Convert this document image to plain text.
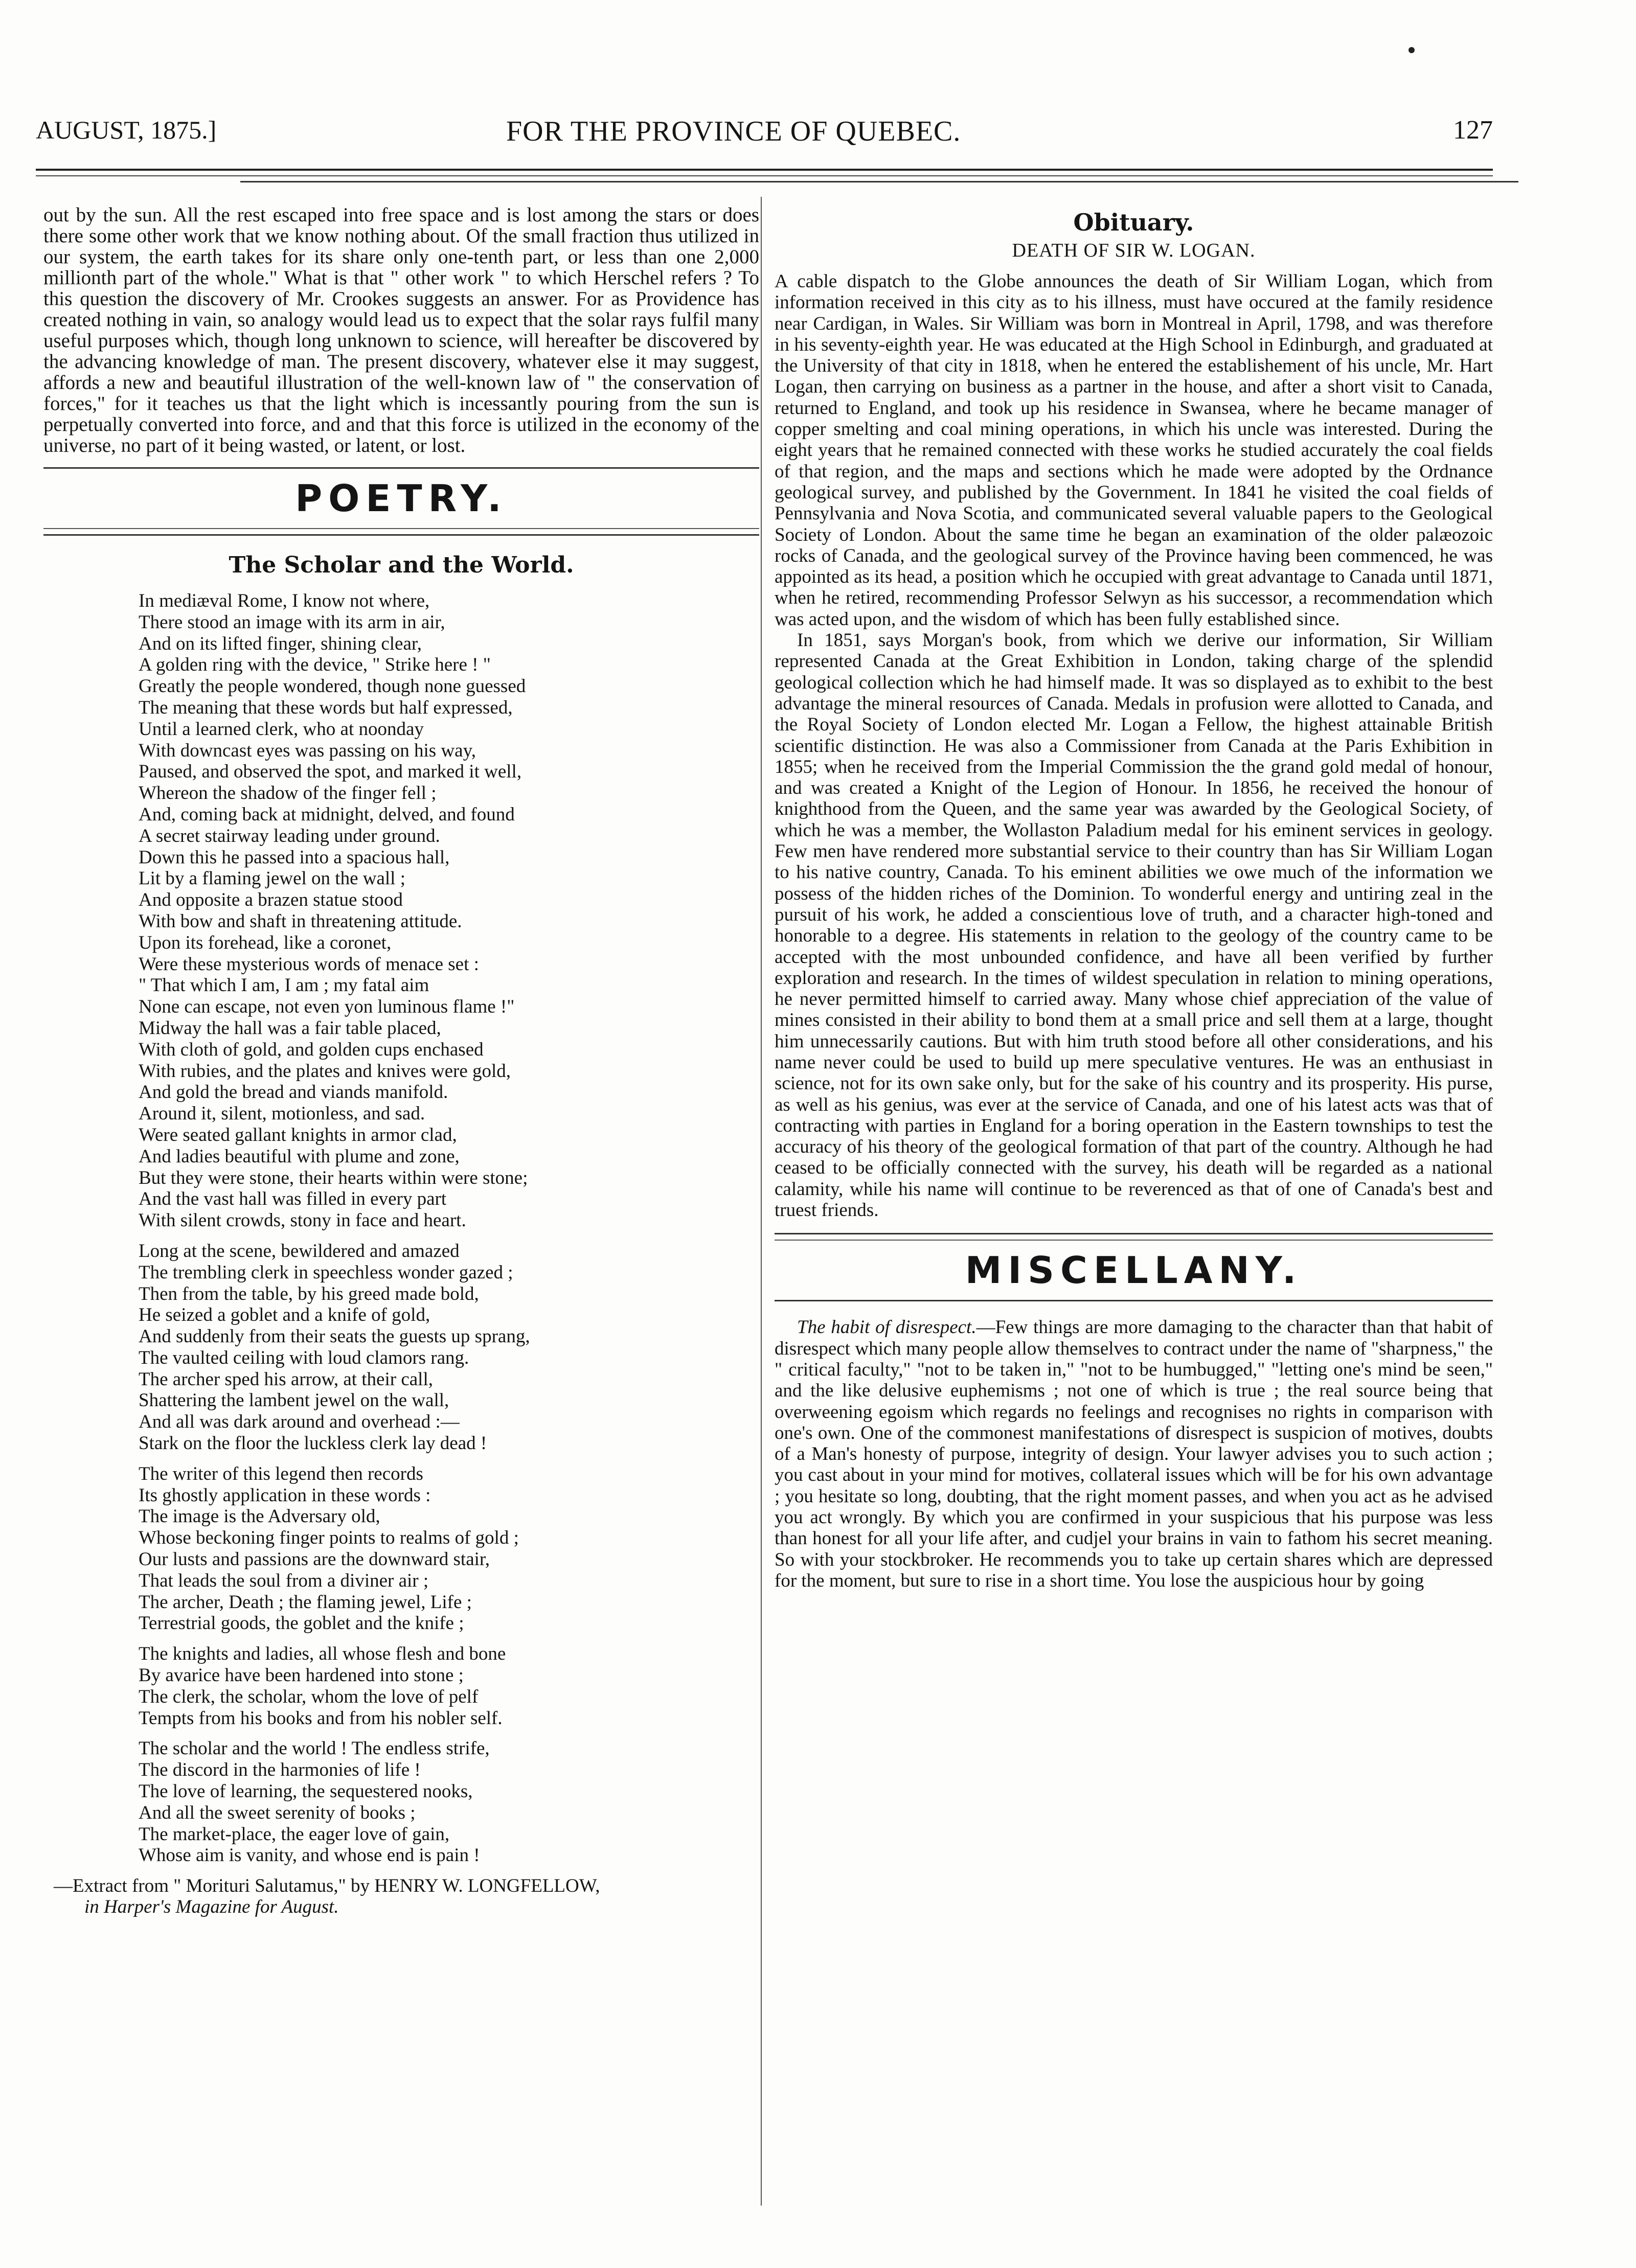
AUGUST, 1875.]	FOR THE PROVINCE OF QUEBEC.	127

out by the sun. All the rest escaped into free space and is lost among the stars or does there some other work that we know nothing about. Of the small fraction thus utilized in our system, the earth takes for its share only one-tenth part, or less than one 2,000 millionth part of the whole." What is that " other work " to which Herschel refers ? To this question the discovery of Mr. Crookes suggests an answer. For as Providence has created nothing in vain, so analogy would lead us to expect that the solar rays fulfil many useful purposes which, though long unknown to science, will hereafter be discovered by the advancing knowledge of man. The present discovery, whatever else it may suggest, affords a new and beautiful illustration of the well-known law of " the conservation of forces," for it teaches us that the light which is incessantly pouring from the sun is perpetually converted into force, and and that this force is utilized in the economy of the universe, no part of it being wasted, or latent, or lost.

POETRY.
The Scholar and the World.
In mediæval Rome, I know not where,
There stood an image with its arm in air,
And on its lifted finger, shining clear,
A golden ring with the device, " Strike here ! "
Greatly the people wondered, though none guessed
The meaning that these words but half expressed,
Until a learned clerk, who at noonday
With downcast eyes was passing on his way,
Paused, and observed the spot, and marked it well,
Whereon the shadow of the finger fell ;
And, coming back at midnight, delved, and found
A secret stairway leading under ground.
Down this he passed into a spacious hall,
Lit by a flaming jewel on the wall ;
And opposite a brazen statue stood
With bow and shaft in threatening attitude.
Upon its forehead, like a coronet,
Were these mysterious words of menace set :
" That which I am, I am ; my fatal aim
None can escape, not even yon luminous flame !"
Midway the hall was a fair table placed,
With cloth of gold, and golden cups enchased
With rubies, and the plates and knives were gold,
And gold the bread and viands manifold.
Around it, silent, motionless, and sad.
Were seated gallant knights in armor clad,
And ladies beautiful with plume and zone,
But they were stone, their hearts within were stone;
And the vast hall was filled in every part
With silent crowds, stony in face and heart.
Long at the scene, bewildered and amazed
The trembling clerk in speechless wonder gazed ;
Then from the table, by his greed made bold,
He seized a goblet and a knife of gold,
And suddenly from their seats the guests up sprang,
The vaulted ceiling with loud clamors rang.
The archer sped his arrow, at their call,
Shattering the lambent jewel on the wall,
And all was dark around and overhead :—
Stark on the floor the luckless clerk lay dead !
The writer of this legend then records
Its ghostly application in these words :
The image is the Adversary old,
Whose beckoning finger points to realms of gold ;
Our lusts and passions are the downward stair,
That leads the soul from a diviner air ;
The archer, Death ; the flaming jewel, Life ;
Terrestrial goods, the goblet and the knife ;
The knights and ladies, all whose flesh and bone
By avarice have been hardened into stone ;
The clerk, the scholar, whom the love of pelf
Tempts from his books and from his nobler self.
The scholar and the world ! The endless strife,
The discord in the harmonies of life !
The love of learning, the sequestered nooks,
And all the sweet serenity of books ;
The market-place, the eager love of gain,
Whose aim is vanity, and whose end is pain !
—Extract from " Morituri Salutamus," by HENRY W. LONGFELLOW,
in Harper's Magazine for August.
Obituary.
DEATH OF SIR W. LOGAN.

A cable dispatch to the Globe announces the death of Sir William Logan, which from information received in this city as to his illness, must have occured at the family residence near Cardigan, in Wales. Sir William was born in Montreal in April, 1798, and was therefore in his seventy-eighth year. He was educated at the High School in Edinburgh, and graduated at the University of that city in 1818, when he entered the establishement of his uncle, Mr. Hart Logan, then carrying on business as a partner in the house, and after a short visit to Canada, returned to England, and took up his residence in Swansea, where he became manager of copper smelting and coal mining operations, in which his uncle was interested. During the eight years that he remained connected with these works he studied accurately the coal fields of that region, and the maps and sections which he made were adopted by the Ordnance geological survey, and published by the Government. In 1841 he visited the coal fields of Pennsylvania and Nova Scotia, and communicated several valuable papers to the Geological Society of London. About the same time he began an examination of the older palæozoic rocks of Canada, and the geological survey of the Province having been commenced, he was appointed as its head, a position which he occupied with great advantage to Canada until 1871, when he retired, recommending Professor Selwyn as his successor, a recommendation which was acted upon, and the wisdom of which has been fully established since.

In 1851, says Morgan's book, from which we derive our information, Sir William represented Canada at the Great Exhibition in London, taking charge of the splendid geological collection which he had himself made. It was so displayed as to exhibit to the best advantage the mineral resources of Canada. Medals in profusion were allotted to Canada, and the Royal Society of London elected Mr. Logan a Fellow, the highest attainable British scientific distinction. He was also a Commissioner from Canada at the Paris Exhibition in 1855; when he received from the Imperial Commission the the grand gold medal of honour, and was created a Knight of the Legion of Honour. In 1856, he received the honour of knighthood from the Queen, and the same year was awarded by the Geological Society, of which he was a member, the Wollaston Paladium medal for his eminent services in geology. Few men have rendered more substantial service to their country than has Sir William Logan to his native country, Canada. To his eminent abilities we owe much of the information we possess of the hidden riches of the Dominion. To wonderful energy and untiring zeal in the pursuit of his work, he added a conscientious love of truth, and a character high-toned and honorable to a degree. His statements in relation to the geology of the country came to be accepted with the most unbounded confidence, and have all been verified by further exploration and research. In the times of wildest speculation in relation to mining operations, he never permitted himself to carried away. Many whose chief appreciation of the value of mines consisted in their ability to bond them at a small price and sell them at a large, thought him unnecessarily cautions. But with him truth stood before all other considerations, and his name never could be used to build up mere speculative ventures. He was an enthusiast in science, not for its own sake only, but for the sake of his country and its prosperity. His purse, as well as his genius, was ever at the service of Canada, and one of his latest acts was that of contracting with parties in England for a boring operation in the Eastern townships to test the accuracy of his theory of the geological formation of that part of the country. Although he had ceased to be officially connected with the survey, his death will be regarded as a national calamity, while his name will continue to be reverenced as that of one of Canada's best and truest friends.

MISCELLANY.

The habit of disrespect.—Few things are more damaging to the character than that habit of disrespect which many people allow themselves to contract under the name of "sharpness," the " critical faculty," "not to be taken in," "not to be humbugged," "letting one's mind be seen," and the like delusive euphemisms ; not one of which is true ; the real source being that overweening egoism which regards no feelings and recognises no rights in comparison with one's own. One of the commonest manifestations of disrespect is suspicion of motives, doubts of a Man's honesty of purpose, integrity of design. Your lawyer advises you to such action ; you cast about in your mind for motives, collateral issues which will be for his own advantage ; you hesitate so long, doubting, that the right moment passes, and when you act as he advised you act wrongly. By which you are confirmed in your suspicious that his purpose was less than honest for all your life after, and cudjel your brains in vain to fathom his secret meaning. So with your stockbroker. He recommends you to take up certain shares which are depressed for the moment, but sure to rise in a short time. You lose the auspicious hour by going
